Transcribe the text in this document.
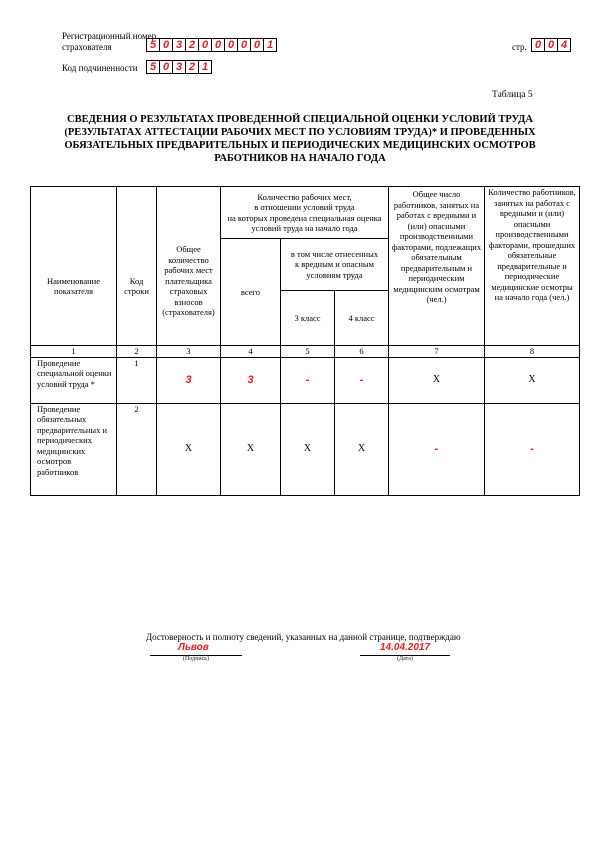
Регистрационный номер
страхователя	5 0 3 2 0 0 0 0 0 1	стр. 0 0 4
Код подчиненности	5 0 3 2 1
Таблица 5
СВЕДЕНИЯ О РЕЗУЛЬТАТАХ ПРОВЕДЕННОЙ СПЕЦИАЛЬНОЙ ОЦЕНКИ УСЛОВИЙ ТРУДА
(РЕЗУЛЬТАТАХ АТТЕСТАЦИИ РАБОЧИХ МЕСТ ПО УСЛОВИЯМ ТРУДА)* И ПРОВЕДЕННЫХ
ОБЯЗАТЕЛЬНЫХ ПРЕДВАРИТЕЛЬНЫХ И ПЕРИОДИЧЕСКИХ МЕДИЦИНСКИХ ОСМОТРОВ
РАБОТНИКОВ НА НАЧАЛО ГОДА
Наименование показателя	Код строки	Общее количество рабочих мест плательщика страховых взносов (страхователя)	Количество рабочих мест,
в отношении условий труда
на которых проведена специальная оценка
условий труда на начало года			Общее число работников, занятых на работах с вредными и (или) опасными производственными факторами, подлежащих обязательным предварительным и периодическим медицинским осмотрам (чел.)	Количество работников, занятых на работах с вредными и (или) опасными производственными факторами, прошедших обязательные предварительные и периодические медицинские осмотры на начало года (чел.)
			всего	в том числе отнесенных к вредным и опасным условиям труда			
				3 класс	4 класс		
1	2	3	4	5	6	7	8
Проведение специальной оценки условий труда *	1	3	3	-	-	X	X
Проведение обязательных предварительных и периодических медицинских осмотров работников	2	X	X	X	X	-	-
Достоверность и полноту сведений, указанных на данной странице, подтверждаю
Львов
(Подпись)
14.04.2017
(Дата)
